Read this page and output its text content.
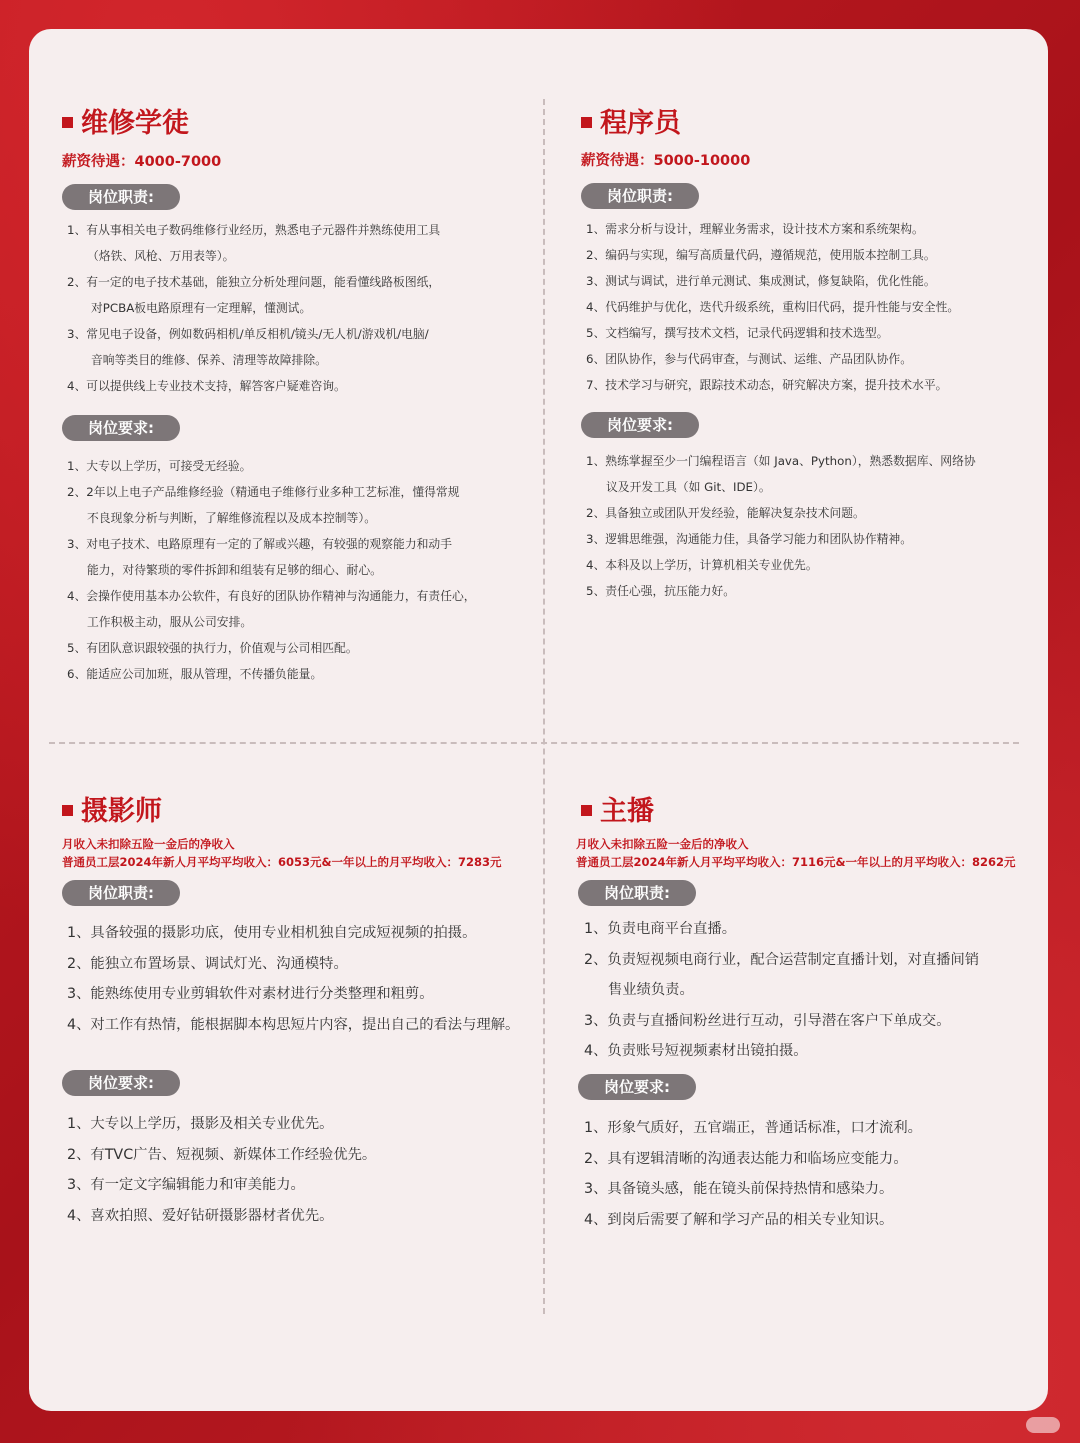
维修学徒
薪资待遇：4000-7000
岗位职责:
1、有从事相关电子数码维修行业经历，熟悉电子元器件并熟练使用工具
（烙铁、风枪、万用表等）。
2、有一定的电子技术基础，能独立分析处理问题，能看懂线路板图纸，
对PCBA板电路原理有一定理解，懂测试。
3、常见电子设备，例如数码相机/单反相机/镜头/无人机/游戏机/电脑/
音响等类目的维修、保养、清理等故障排除。
4、可以提供线上专业技术支持，解答客户疑难咨询。
岗位要求:
1、大专以上学历，可接受无经验。
2、2年以上电子产品维修经验（精通电子维修行业多种工艺标准，懂得常规
不良现象分析与判断，了解维修流程以及成本控制等）。
3、对电子技术、电路原理有一定的了解或兴趣，有较强的观察能力和动手
能力，对待繁琐的零件拆卸和组装有足够的细心、耐心。
4、会操作使用基本办公软件，有良好的团队协作精神与沟通能力，有责任心，
工作积极主动，服从公司安排。
5、有团队意识跟较强的执行力，价值观与公司相匹配。
6、能适应公司加班，服从管理，不传播负能量。
程序员
薪资待遇：5000-10000
岗位职责:
1、需求分析与设计，理解业务需求，设计技术方案和系统架构。
2、编码与实现，编写高质量代码，遵循规范，使用版本控制工具。
3、测试与调试，进行单元测试、集成测试，修复缺陷，优化性能。
4、代码维护与优化，迭代升级系统，重构旧代码，提升性能与安全性。
5、文档编写，撰写技术文档，记录代码逻辑和技术选型。
6、团队协作，参与代码审查，与测试、运维、产品团队协作。
7、技术学习与研究，跟踪技术动态，研究解决方案，提升技术水平。
岗位要求:
1、熟练掌握至少一门编程语言（如 Java、Python），熟悉数据库、网络协
议及开发工具（如 Git、IDE）。
2、具备独立或团队开发经验，能解决复杂技术问题。
3、逻辑思维强，沟通能力佳，具备学习能力和团队协作精神。
4、本科及以上学历，计算机相关专业优先。
5、责任心强，抗压能力好。
摄影师
月收入未扣除五险一金后的净收入
普通员工层2024年新人月平均平均收入：6053元&一年以上的月平均收入：7283元
岗位职责:
1、具备较强的摄影功底，使用专业相机独自完成短视频的拍摄。
2、能独立布置场景、调试灯光、沟通模特。
3、能熟练使用专业剪辑软件对素材进行分类整理和粗剪。
4、对工作有热情，能根据脚本构思短片内容，提出自己的看法与理解。
岗位要求:
1、大专以上学历，摄影及相关专业优先。
2、有TVC广告、短视频、新媒体工作经验优先。
3、有一定文字编辑能力和审美能力。
4、喜欢拍照、爱好钻研摄影器材者优先。
主播
月收入未扣除五险一金后的净收入
普通员工层2024年新人月平均平均收入：7116元&一年以上的月平均收入：8262元
岗位职责:
1、负责电商平台直播。
2、负责短视频电商行业，配合运营制定直播计划，对直播间销
售业绩负责。
3、负责与直播间粉丝进行互动，引导潜在客户下单成交。
4、负责账号短视频素材出镜拍摄。
岗位要求:
1、形象气质好，五官端正，普通话标准，口才流利。
2、具有逻辑清晰的沟通表达能力和临场应变能力。
3、具备镜头感，能在镜头前保持热情和感染力。
4、到岗后需要了解和学习产品的相关专业知识。
